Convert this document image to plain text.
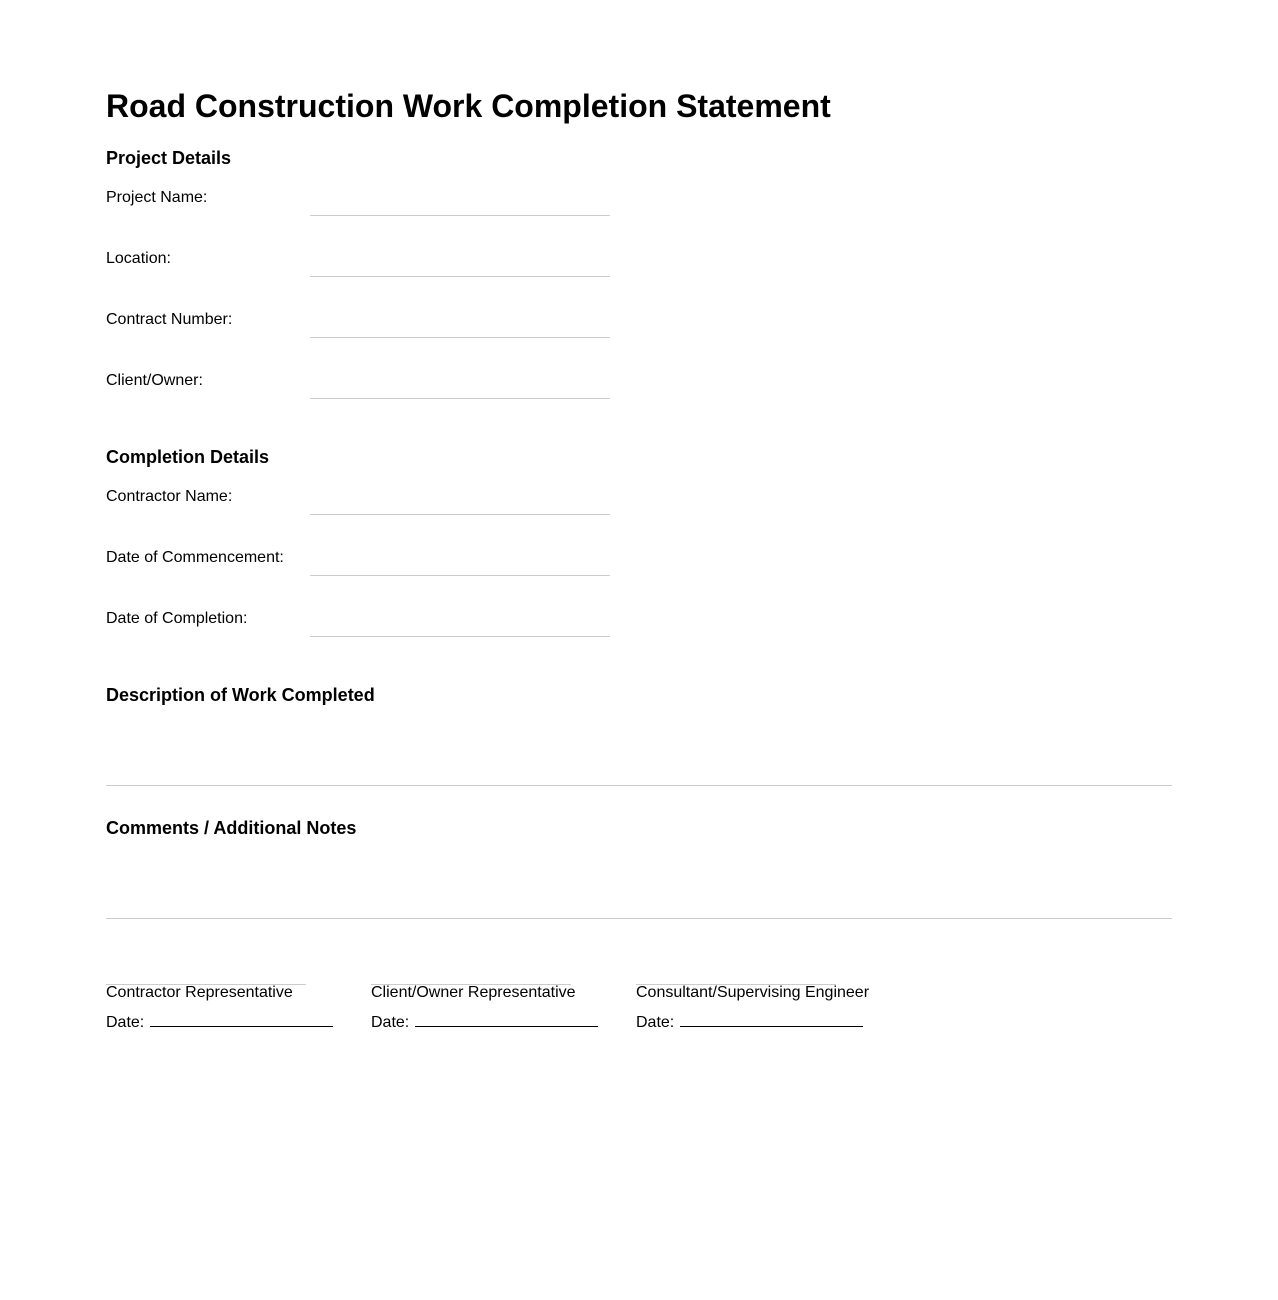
Road Construction Work Completion Statement
Project Details
Project Name:
Location:
Contract Number:
Client/Owner:
Completion Details
Contractor Name:
Date of Commencement:
Date of Completion:
Description of Work Completed
Comments / Additional Notes
Contractor Representative
Date:
Client/Owner Representative
Date:
Consultant/Supervising Engineer
Date:
